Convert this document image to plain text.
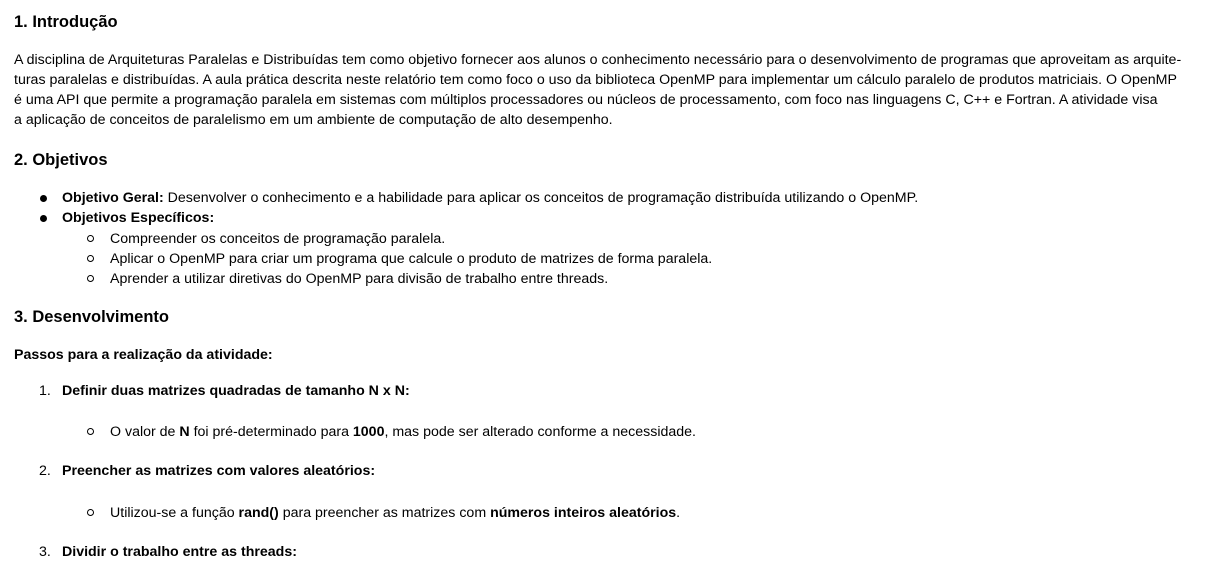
1. Introdução
A disciplina de Arquiteturas Paralelas e Distribuídas tem como objetivo fornecer aos alunos o conhecimento necessário para o desenvolvimento de programas que aproveitam as arquite-
turas paralelas e distribuídas. A aula prática descrita neste relatório tem como foco o uso da biblioteca OpenMP para implementar um cálculo paralelo de produtos matriciais. O OpenMP
é uma API que permite a programação paralela em sistemas com múltiplos processadores ou núcleos de processamento, com foco nas linguagens C, C++ e Fortran. A atividade visa
a aplicação de conceitos de paralelismo em um ambiente de computação de alto desempenho.
2. Objetivos
Objetivo Geral: Desenvolver o conhecimento e a habilidade para aplicar os conceitos de programação distribuída utilizando o OpenMP.
Objetivos Específicos:
Compreender os conceitos de programação paralela.
Aplicar o OpenMP para criar um programa que calcule o produto de matrizes de forma paralela.
Aprender a utilizar diretivas do OpenMP para divisão de trabalho entre threads.
3. Desenvolvimento
Passos para a realização da atividade:
1. Definir duas matrizes quadradas de tamanho N x N:
O valor de N foi pré-determinado para 1000, mas pode ser alterado conforme a necessidade.
2. Preencher as matrizes com valores aleatórios:
Utilizou-se a função rand() para preencher as matrizes com números inteiros aleatórios.
3. Dividir o trabalho entre as threads:
